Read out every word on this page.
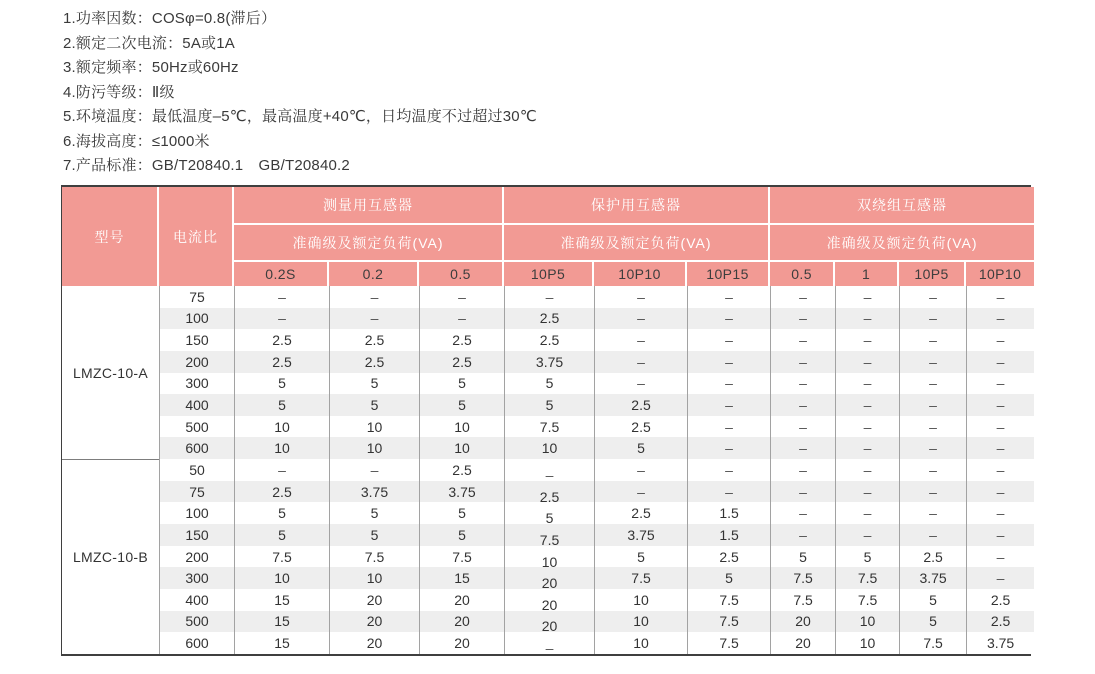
1.功率因数：COSφ=0.8(滞后）
2.额定二次电流：5A或1A
3.额定频率：50Hz或60Hz
4.防污等级：Ⅱ级
5.环境温度：最低温度–5℃，最高温度+40℃，日均温度不过超过30℃
6.海拔高度：≤1000米
7.产品标准：GB/T20840.1　GB/T20840.2
型号	电流比	测量用互感器			保护用互感器			双绕组互感器			
		准确级及额定负荷(VA)			准确级及额定负荷(VA)			准确级及额定负荷(VA)			
		0.2S	0.2	0.5	10P5	10P10	10P15	0.5	1	10P5	10P10
LMZC-10-A	75	–	–	–	–	–	–	–	–	–	–
	100	–	–	–	2.5	–	–	–	–	–	–
	150	2.5	2.5	2.5	2.5	–	–	–	–	–	–
	200	2.5	2.5	2.5	3.75	–	–	–	–	–	–
	300	5	5	5	5	–	–	–	–	–	–
	400	5	5	5	5	2.5	–	–	–	–	–
	500	10	10	10	7.5	2.5	–	–	–	–	–
	600	10	10	10	10	5	–	–	–	–	–
LMZC-10-B	50	–	–	2.5	–	–	–	–	–	–	–
	75	2.5	3.75	3.75	2.5	–	–	–	–	–	–
	100	5	5	5	5	2.5	1.5	–	–	–	–
	150	5	5	5	7.5	3.75	1.5	–	–	–	–
	200	7.5	7.5	7.5	10	5	2.5	5	5	2.5	–
	300	10	10	15	20	7.5	5	7.5	7.5	3.75	–
	400	15	20	20	20	10	7.5	7.5	7.5	5	2.5
	500	15	20	20	20	10	7.5	20	10	5	2.5
	600	15	20	20	–	10	7.5	20	10	7.5	3.75
